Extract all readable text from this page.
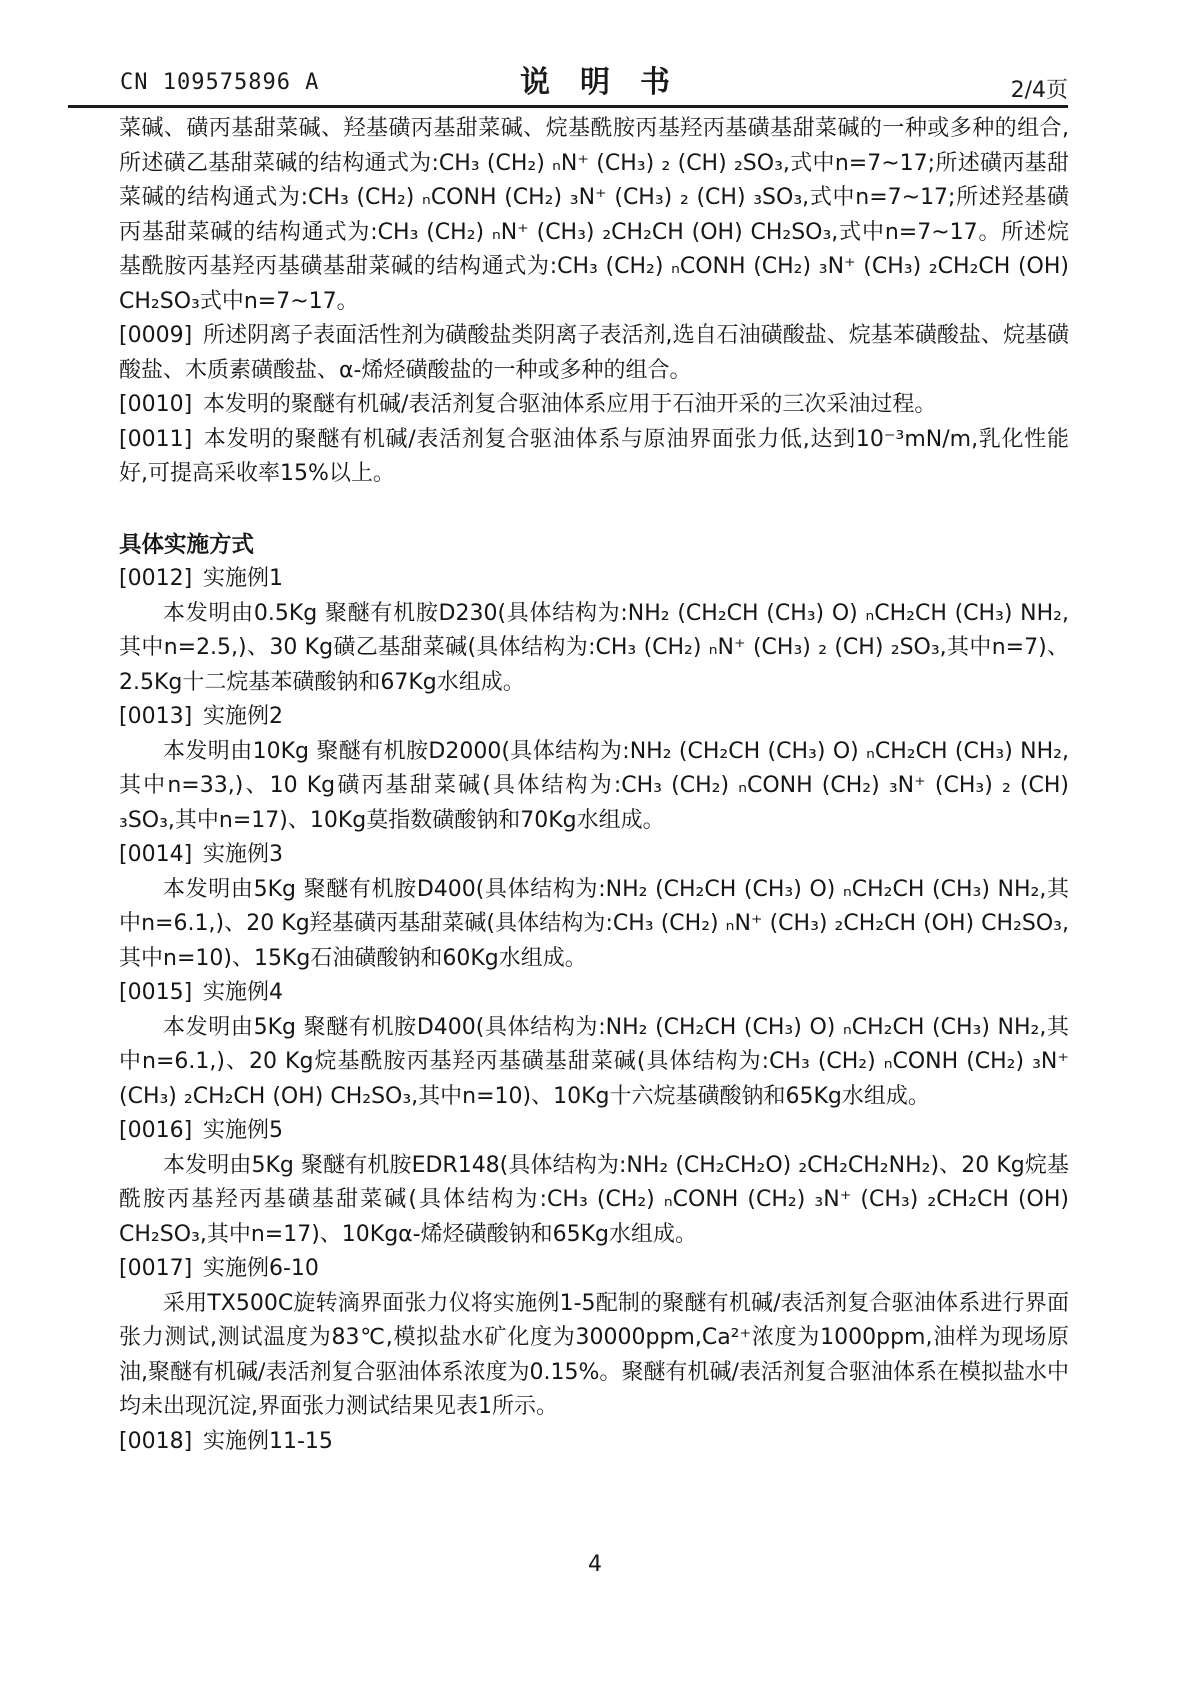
CN 109575896 A	说明书	2/4页

菜碱、磺丙基甜菜碱、羟基磺丙基甜菜碱、烷基酰胺丙基羟丙基磺基甜菜碱的一种或多种的组合,所述磺乙基甜菜碱的结构通式为:CH₃ (CH₂) ₙN⁺ (CH₃) ₂ (CH) ₂SO₃,式中n=7~17;所述磺丙基甜菜碱的结构通式为:CH₃ (CH₂) ₙCONH (CH₂) ₃N⁺ (CH₃) ₂ (CH) ₃SO₃,式中n=7~17;所述羟基磺丙基甜菜碱的结构通式为:CH₃ (CH₂) ₙN⁺ (CH₃) ₂CH₂CH (OH) CH₂SO₃,式中n=7~17。所述烷基酰胺丙基羟丙基磺基甜菜碱的结构通式为:CH₃ (CH₂) ₙCONH (CH₂) ₃N⁺ (CH₃) ₂CH₂CH (OH) CH₂SO₃式中n=7~17。

[0009] 所述阴离子表面活性剂为磺酸盐类阴离子表活剂,选自石油磺酸盐、烷基苯磺酸盐、烷基磺酸盐、木质素磺酸盐、α-烯烃磺酸盐的一种或多种的组合。

[0010] 本发明的聚醚有机碱/表活剂复合驱油体系应用于石油开采的三次采油过程。

[0011] 本发明的聚醚有机碱/表活剂复合驱油体系与原油界面张力低,达到10⁻³mN/m,乳化性能好,可提高采收率15%以上。

具体实施方式

[0012] 实施例1

本发明由0.5Kg 聚醚有机胺D230(具体结构为:NH₂ (CH₂CH (CH₃) O) ₙCH₂CH (CH₃) NH₂,其中n=2.5,)、30 Kg磺乙基甜菜碱(具体结构为:CH₃ (CH₂) ₙN⁺ (CH₃) ₂ (CH) ₂SO₃,其中n=7)、2.5Kg十二烷基苯磺酸钠和67Kg水组成。

[0013] 实施例2

本发明由10Kg 聚醚有机胺D2000(具体结构为:NH₂ (CH₂CH (CH₃) O) ₙCH₂CH (CH₃) NH₂,其中n=33,)、10 Kg磺丙基甜菜碱(具体结构为:CH₃ (CH₂) ₙCONH (CH₂) ₃N⁺ (CH₃) ₂ (CH) ₃SO₃,其中n=17)、10Kg莫指数磺酸钠和70Kg水组成。

[0014] 实施例3

本发明由5Kg 聚醚有机胺D400(具体结构为:NH₂ (CH₂CH (CH₃) O) ₙCH₂CH (CH₃) NH₂,其中n=6.1,)、20 Kg羟基磺丙基甜菜碱(具体结构为:CH₃ (CH₂) ₙN⁺ (CH₃) ₂CH₂CH (OH) CH₂SO₃,其中n=10)、15Kg石油磺酸钠和60Kg水组成。

[0015] 实施例4

本发明由5Kg 聚醚有机胺D400(具体结构为:NH₂ (CH₂CH (CH₃) O) ₙCH₂CH (CH₃) NH₂,其中n=6.1,)、20 Kg烷基酰胺丙基羟丙基磺基甜菜碱(具体结构为:CH₃ (CH₂) ₙCONH (CH₂) ₃N⁺ (CH₃) ₂CH₂CH (OH) CH₂SO₃,其中n=10)、10Kg十六烷基磺酸钠和65Kg水组成。

[0016] 实施例5

本发明由5Kg 聚醚有机胺EDR148(具体结构为:NH₂ (CH₂CH₂O) ₂CH₂CH₂NH₂)、20 Kg烷基酰胺丙基羟丙基磺基甜菜碱(具体结构为:CH₃ (CH₂) ₙCONH (CH₂) ₃N⁺ (CH₃) ₂CH₂CH (OH) CH₂SO₃,其中n=17)、10Kgα-烯烃磺酸钠和65Kg水组成。

[0017] 实施例6-10

采用TX500C旋转滴界面张力仪将实施例1-5配制的聚醚有机碱/表活剂复合驱油体系进行界面张力测试,测试温度为83℃,模拟盐水矿化度为30000ppm,Ca²⁺浓度为1000ppm,油样为现场原油,聚醚有机碱/表活剂复合驱油体系浓度为0.15%。聚醚有机碱/表活剂复合驱油体系在模拟盐水中均未出现沉淀,界面张力测试结果见表1所示。

[0018] 实施例11-15

4
